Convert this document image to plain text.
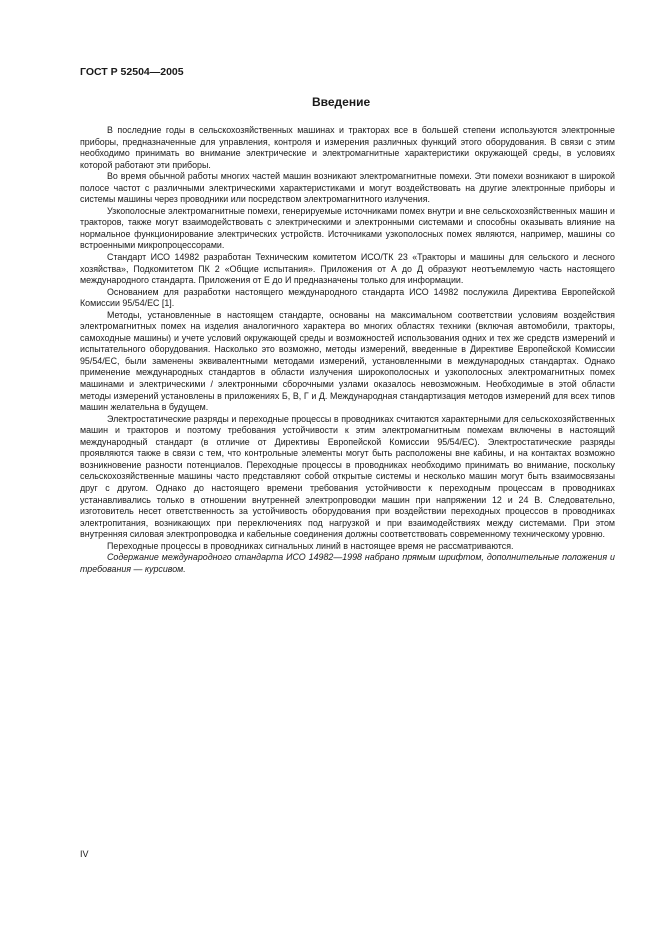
ГОСТ Р 52504—2005
Введение

В последние годы в сельскохозяйственных машинах и тракторах все в большей степени используются электронные приборы, предназначенные для управления, контроля и измерения различных функций этого оборудования. В связи с этим необходимо принимать во внимание электрические и электромагнитные характеристики окружающей среды, в условиях которой работают эти приборы.

Во время обычной работы многих частей машин возникают электромагнитные помехи. Эти помехи возникают в широкой полосе частот с различными электрическими характеристиками и могут воздействовать на другие электронные приборы и системы машины через проводники или посредством электромагнитного излучения.

Узкополосные электромагнитные помехи, генерируемые источниками помех внутри и вне сельскохозяйственных машин и тракторов, также могут взаимодействовать с электрическими и электронными системами и способны оказывать влияние на нормальное функционирование электрических устройств. Источниками узкополосных помех являются, например, машины со встроенными микропроцессорами.

Стандарт ИСО 14982 разработан Техническим комитетом ИСО/ТК 23 «Тракторы и машины для сельского и лесного хозяйства», Подкомитетом ПК 2 «Общие испытания». Приложения от А до Д образуют неотъемлемую часть настоящего международного стандарта. Приложения от Е до И предназначены только для информации.

Основанием для разработки настоящего международного стандарта ИСО 14982 послужила Директива Европейской Комиссии 95/54/ЕС [1].

Методы, установленные в настоящем стандарте, основаны на максимальном соответствии условиям воздействия электромагнитных помех на изделия аналогичного характера во многих областях техники (включая автомобили, тракторы, самоходные машины) и учете условий окружающей среды и возможностей использования одних и тех же средств измерений и испытательного оборудования. Насколько это возможно, методы измерений, введенные в Директиве Европейской Комиссии 95/54/ЕС, были заменены эквивалентными методами измерений, установленными в международных стандартах. Однако применение международных стандартов в области излучения широкополосных и узкополосных электромагнитных помех машинами и электрическими / электронными сборочными узлами оказалось невозможным. Необходимые в этой области методы измерений установлены в приложениях Б, В, Г и Д. Международная стандартизация методов измерений для всех типов машин желательна в будущем.

Электростатические разряды и переходные процессы в проводниках считаются характерными для сельскохозяйственных машин и тракторов и поэтому требования устойчивости к этим электромагнитным помехам включены в настоящий международный стандарт (в отличие от Директивы Европейской Комиссии 95/54/ЕС). Электростатические разряды проявляются также в связи с тем, что контрольные элементы могут быть расположены вне кабины, и на контактах возможно возникновение разности потенциалов. Переходные процессы в проводниках необходимо принимать во внимание, поскольку сельскохозяйственные машины часто представляют собой открытые системы и несколько машин могут быть взаимосвязаны друг с другом. Однако до настоящего времени требования устойчивости к переходным процессам в проводниках устанавливались только в отношении внутренней электропроводки машин при напряжении 12 и 24 В. Следовательно, изготовитель несет ответственность за устойчивость оборудования при воздействии переходных процессов в проводниках электропитания, возникающих при переключениях под нагрузкой и при взаимодействиях между системами. При этом внутренняя силовая электропроводка и кабельные соединения должны соответствовать современному техническому уровню.

Переходные процессы в проводниках сигнальных линий в настоящее время не рассматриваются.

Содержание международного стандарта ИСО 14982—1998 набрано прямым шрифтом, дополнительные положения и требования — курсивом.

IV
